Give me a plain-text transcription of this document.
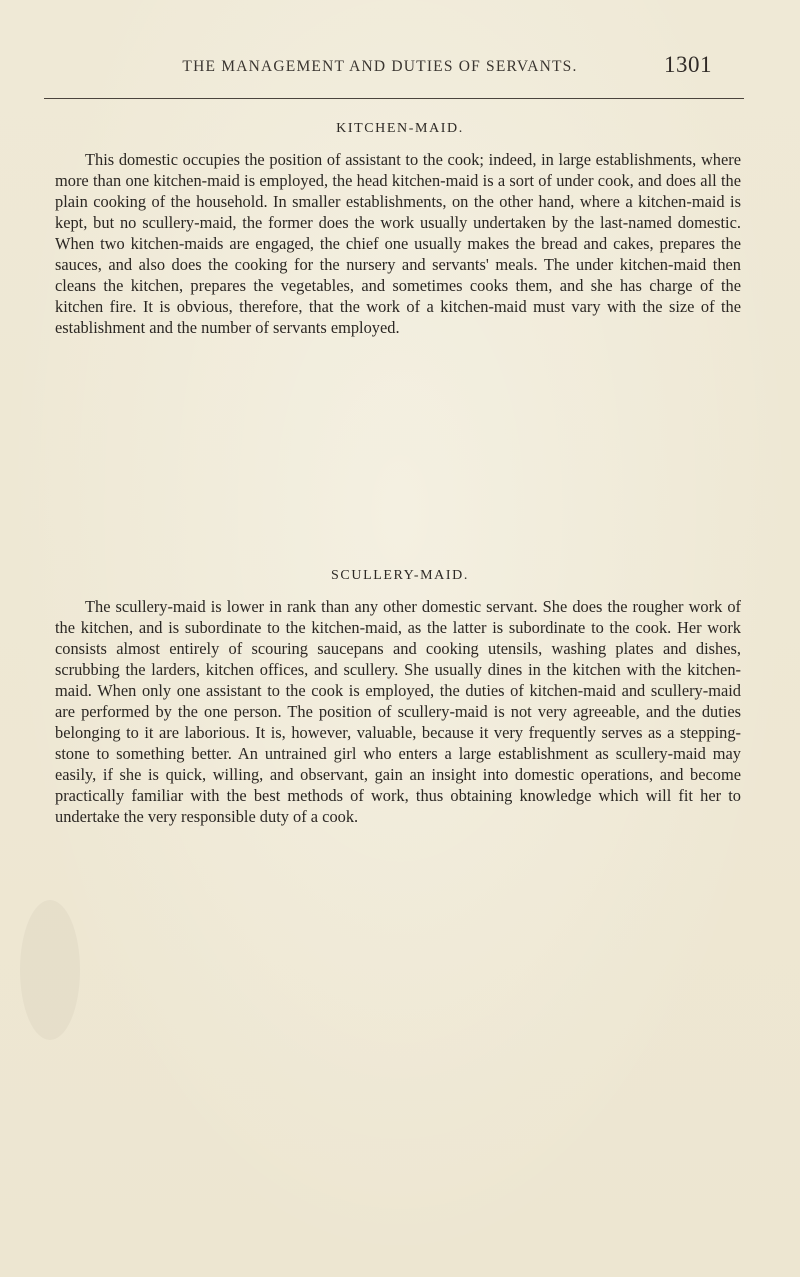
THE MANAGEMENT AND DUTIES OF SERVANTS.	1301
KITCHEN-MAID.

This domestic occupies the position of assistant to the cook; indeed, in large establishments, where more than one kitchen-maid is employed, the head kitchen-maid is a sort of under cook, and does all the plain cooking of the household. In smaller establishments, on the other hand, where a kitchen-maid is kept, but no scullery-maid, the former does the work usually undertaken by the last-named domestic. When two kitchen-maids are engaged, the chief one usually makes the bread and cakes, prepares the sauces, and also does the cooking for the nursery and servants' meals. The under kitchen-maid then cleans the kitchen, prepares the vegetables, and sometimes cooks them, and she has charge of the kitchen fire. It is obvious, therefore, that the work of a kitchen-maid must vary with the size of the establishment and the number of servants employed.

SCULLERY-MAID.

The scullery-maid is lower in rank than any other domestic servant. She does the rougher work of the kitchen, and is subordinate to the kitchen-maid, as the latter is subordinate to the cook. Her work consists almost entirely of scouring saucepans and cooking utensils, washing plates and dishes, scrubbing the larders, kitchen offices, and scullery. She usually dines in the kitchen with the kitchen-maid. When only one assistant to the cook is employed, the duties of kitchen-maid and scullery-maid are performed by the one person. The position of scullery-maid is not very agreeable, and the duties belonging to it are laborious. It is, however, valuable, because it very frequently serves as a stepping-stone to something better. An untrained girl who enters a large establishment as scullery-maid may easily, if she is quick, willing, and observant, gain an insight into domestic operations, and become practically familiar with the best methods of work, thus obtaining knowledge which will fit her to undertake the very responsible duty of a cook.
